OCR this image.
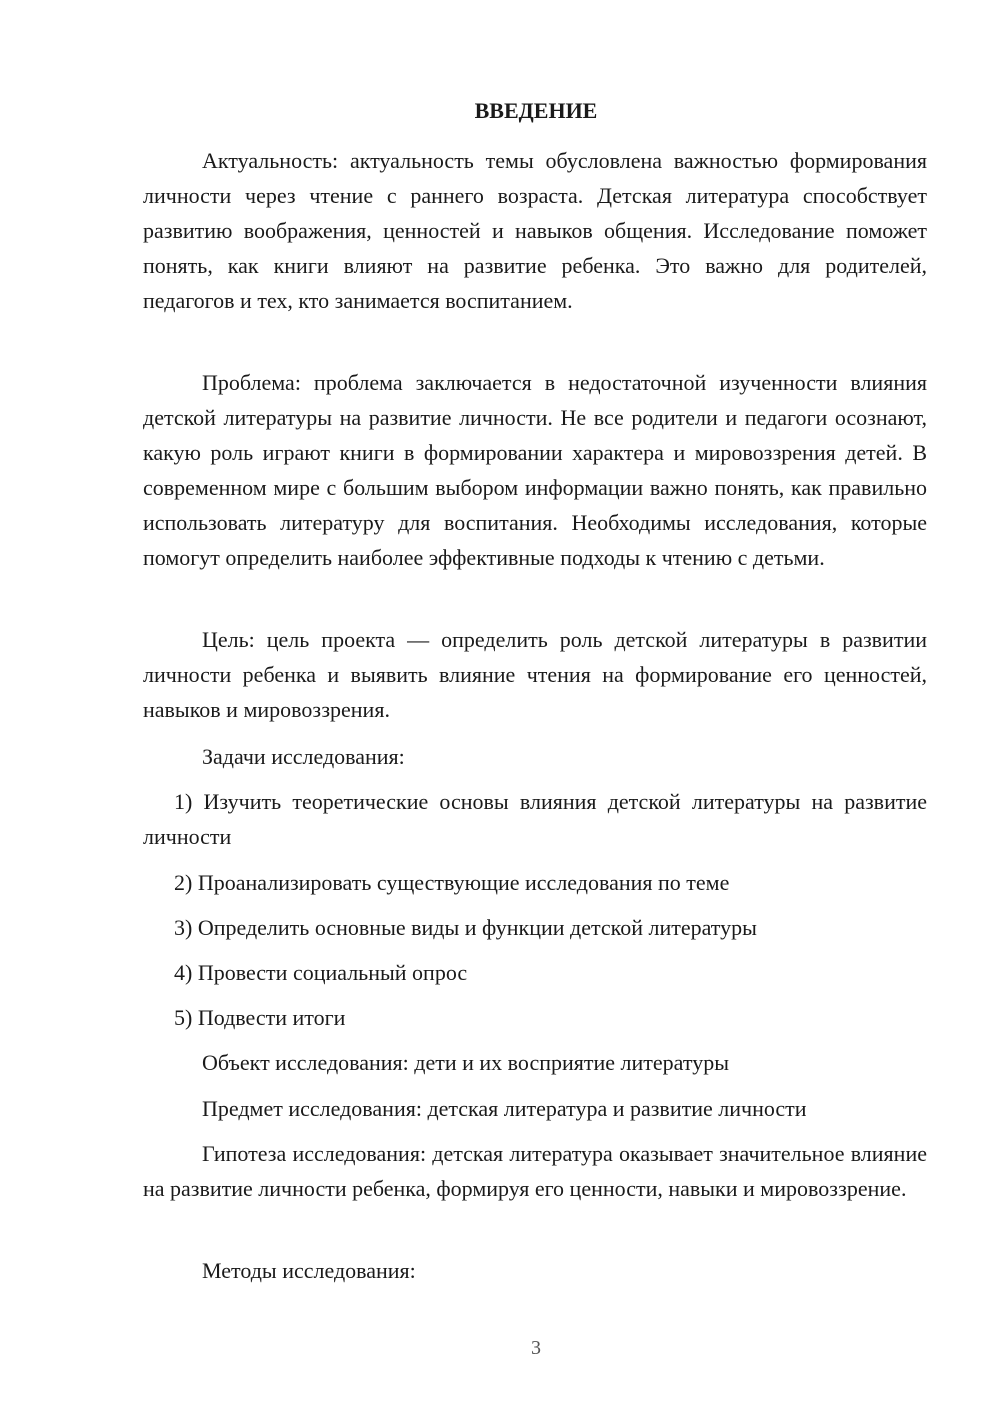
ВВЕДЕНИЕ

Актуальность: актуальность темы обусловлена важностью формирования личности через чтение с раннего возраста. Детская литература способствует развитию воображения, ценностей и навыков общения. Исследование поможет понять, как книги влияют на развитие ребенка. Это важно для родителей, педагогов и тех, кто занимается воспитанием.

Проблема: проблема заключается в недостаточной изученности влияния детской литературы на развитие личности. Не все родители и педагоги осознают, какую роль играют книги в формировании характера и мировоззрения детей. В современном мире с большим выбором информации важно понять, как правильно использовать литературу для воспитания. Необходимы исследования, которые помогут определить наиболее эффективные подходы к чтению с детьми.

Цель: цель проекта — определить роль детской литературы в развитии личности ребенка и выявить влияние чтения на формирование его ценностей, навыков и мировоззрения.

Задачи исследования:

1) Изучить теоретические основы влияния детской литературы на развитие личности

2) Проанализировать существующие исследования по теме

3) Определить основные виды и функции детской литературы

4) Провести социальный опрос

5) Подвести итоги

Объект исследования: дети и их восприятие литературы

Предмет исследования: детская литература и развитие личности

Гипотеза исследования: детская литература оказывает значительное влияние на развитие личности ребенка, формируя его ценности, навыки и мировоззрение.

Методы исследования:

3
